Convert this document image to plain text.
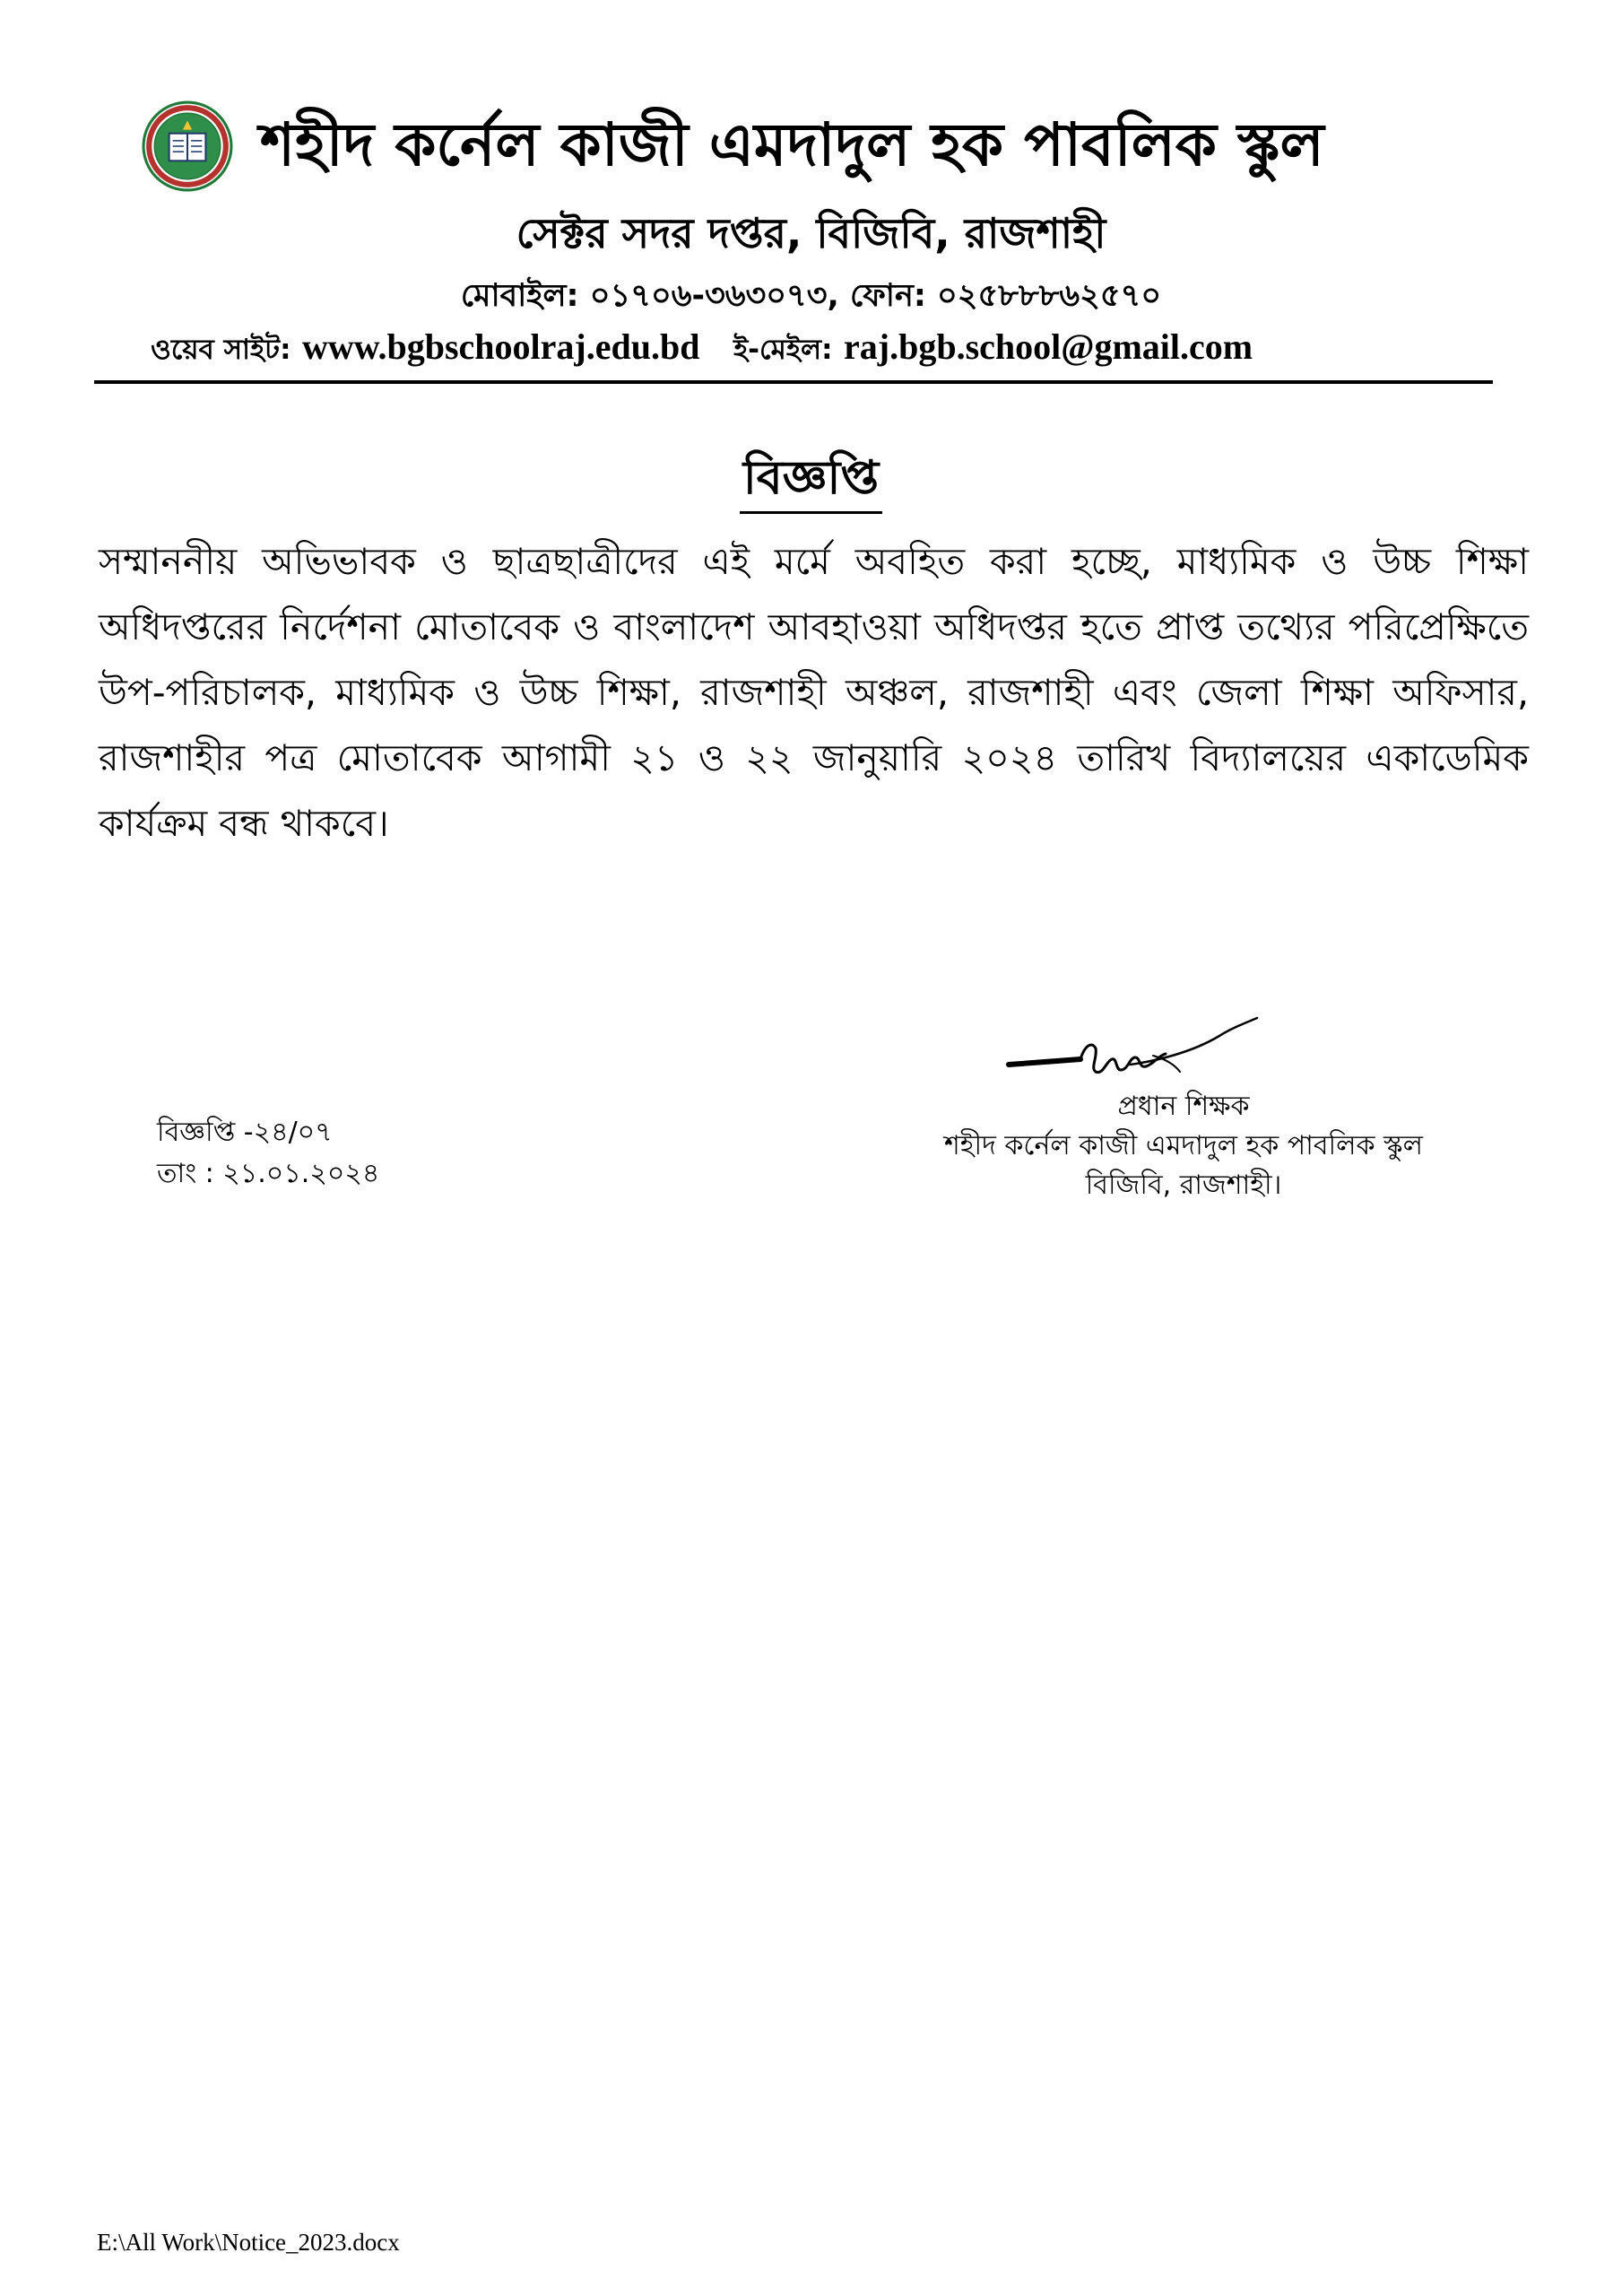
শহীদ কর্নেল কাজী এমদাদুল হক পাবলিক স্কুল
সেক্টর সদর দপ্তর, বিজিবি, রাজশাহী
মোবাইল: ০১৭০৬-৩৬৩০৭৩, ফোন: ০২৫৮৮৮৬২৫৭০
ওয়েব সাইট: www.bgbschoolraj.edu.bd ই-মেইল: raj.bgb.school@gmail.com
বিজ্ঞপ্তি

সম্মাননীয় অভিভাবক ও ছাত্রছাত্রীদের এই মর্মে অবহিত করা হচ্ছে, মাধ্যমিক ও উচ্চ শিক্ষা অধিদপ্তরের নির্দেশনা মোতাবেক ও বাংলাদেশ আবহাওয়া অধিদপ্তর হতে প্রাপ্ত তথ্যের পরিপ্রেক্ষিতে উপ-পরিচালক, মাধ্যমিক ও উচ্চ শিক্ষা, রাজশাহী অঞ্চল, রাজশাহী এবং জেলা শিক্ষা অফিসার, রাজশাহীর পত্র মোতাবেক আগামী ২১ ও ২২ জানুয়ারি ২০২৪ তারিখ বিদ্যালয়ের একাডেমিক কার্যক্রম বন্ধ থাকবে।

প্রধান শিক্ষক
শহীদ কর্নেল কাজী এমদাদুল হক পাবলিক স্কুল
বিজিবি, রাজশাহী।
বিজ্ঞপ্তি -২৪/০৭
তাং : ২১.০১.২০২৪
E:\All Work\Notice_2023.docx
